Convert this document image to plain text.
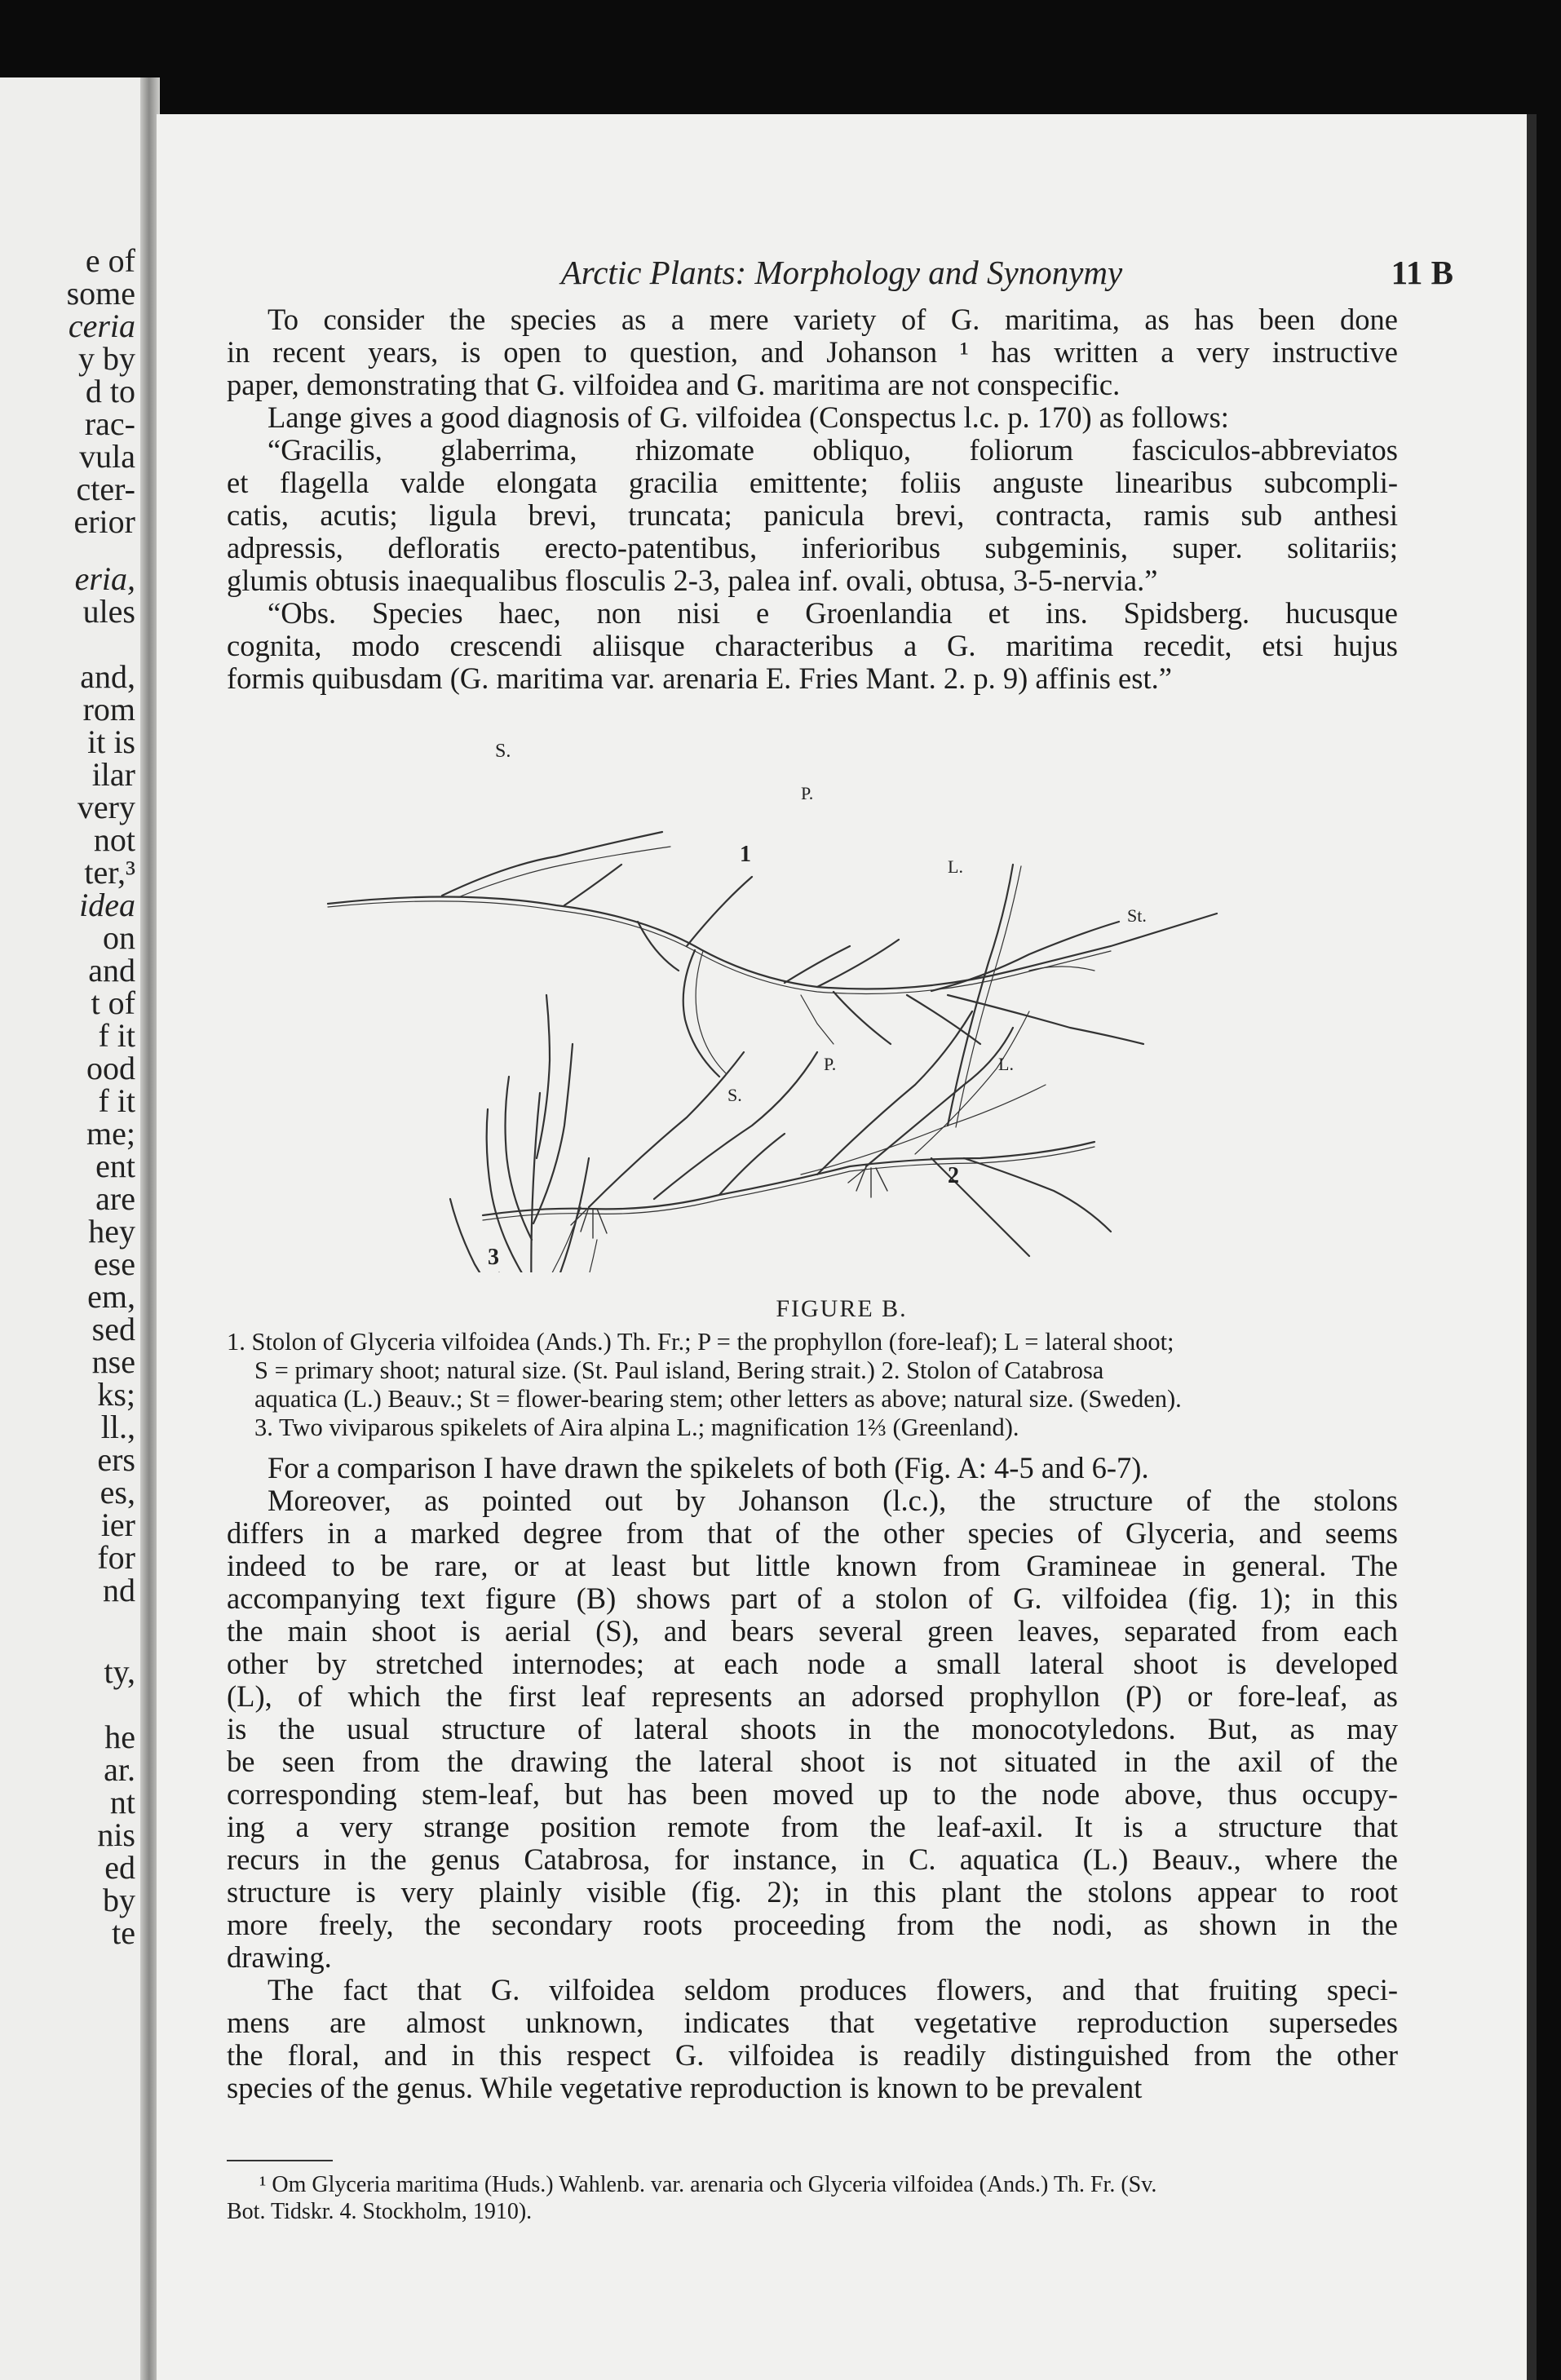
e of
some
ceria
y by
d to
rac-
vula
cter-
erior
eria,
ules
and,
rom
it is
ilar
very
not
ter,³
idea
on
and
t of
f it
ood
f it
me;
ent
are
hey
ese
em,
sed
nse
ks;
ll.,
ers
es,
ier
for
nd
ty,
he
ar.
nt
nis
ed
by
te
Arctic Plants: Morphology and Synonymy	11 B
To consider the species as a mere variety of G. maritima, as has been done
in recent years, is open to question, and Johanson ¹ has written a very instructive
paper, demonstrating that G. vilfoidea and G. maritima are not conspecific.
Lange gives a good diagnosis of G. vilfoidea (Conspectus l.c. p. 170) as follows:
“Gracilis, glaberrima, rhizomate obliquo, foliorum fasciculos-abbreviatos
et flagella valde elongata gracilia emittente; foliis anguste linearibus subcompli-
catis, acutis; ligula brevi, truncata; panicula brevi, contracta, ramis sub anthesi
adpressis, defloratis erecto-patentibus, inferioribus subgeminis, super. solitariis;
glumis obtusis inaequalibus flosculis 2-3, palea inf. ovali, obtusa, 3-5-nervia.”
“Obs. Species haec, non nisi e Groenlandia et ins. Spidsberg. hucusque
cognita, modo crescendi aliisque characteribus a G. maritima recedit, etsi hujus
formis quibusdam (G. maritima var. arenaria E. Fries Mant. 2. p. 9) affinis est.”
S.
P.
1	L.
St.
P.	L.
S.
2
3
FIGURE B.
1. Stolon of Glyceria vilfoidea (Ands.) Th. Fr.; P = the prophyllon (fore-leaf); L = lateral shoot;
S = primary shoot; natural size. (St. Paul island, Bering strait.) 2. Stolon of Catabrosa
aquatica (L.) Beauv.; St = flower-bearing stem; other letters as above; natural size. (Sweden).
3. Two viviparous spikelets of Aira alpina L.; magnification 1⅔ (Greenland).
For a comparison I have drawn the spikelets of both (Fig. A: 4-5 and 6-7).
Moreover, as pointed out by Johanson (l.c.), the structure of the stolons
differs in a marked degree from that of the other species of Glyceria, and seems
indeed to be rare, or at least but little known from Gramineae in general. The
accompanying text figure (B) shows part of a stolon of G. vilfoidea (fig. 1); in this
the main shoot is aerial (S), and bears several green leaves, separated from each
other by stretched internodes; at each node a small lateral shoot is developed
(L), of which the first leaf represents an adorsed prophyllon (P) or fore-leaf, as
is the usual structure of lateral shoots in the monocotyledons. But, as may
be seen from the drawing the lateral shoot is not situated in the axil of the
corresponding stem-leaf, but has been moved up to the node above, thus occupy-
ing a very strange position remote from the leaf-axil. It is a structure that
recurs in the genus Catabrosa, for instance, in C. aquatica (L.) Beauv., where the
structure is very plainly visible (fig. 2); in this plant the stolons appear to root
more freely, the secondary roots proceeding from the nodi, as shown in the
drawing.
The fact that G. vilfoidea seldom produces flowers, and that fruiting speci-
mens are almost unknown, indicates that vegetative reproduction supersedes
the floral, and in this respect G. vilfoidea is readily distinguished from the other
species of the genus. While vegetative reproduction is known to be prevalent
¹ Om Glyceria maritima (Huds.) Wahlenb. var. arenaria och Glyceria vilfoidea (Ands.) Th. Fr. (Sv.
Bot. Tidskr. 4. Stockholm, 1910).
